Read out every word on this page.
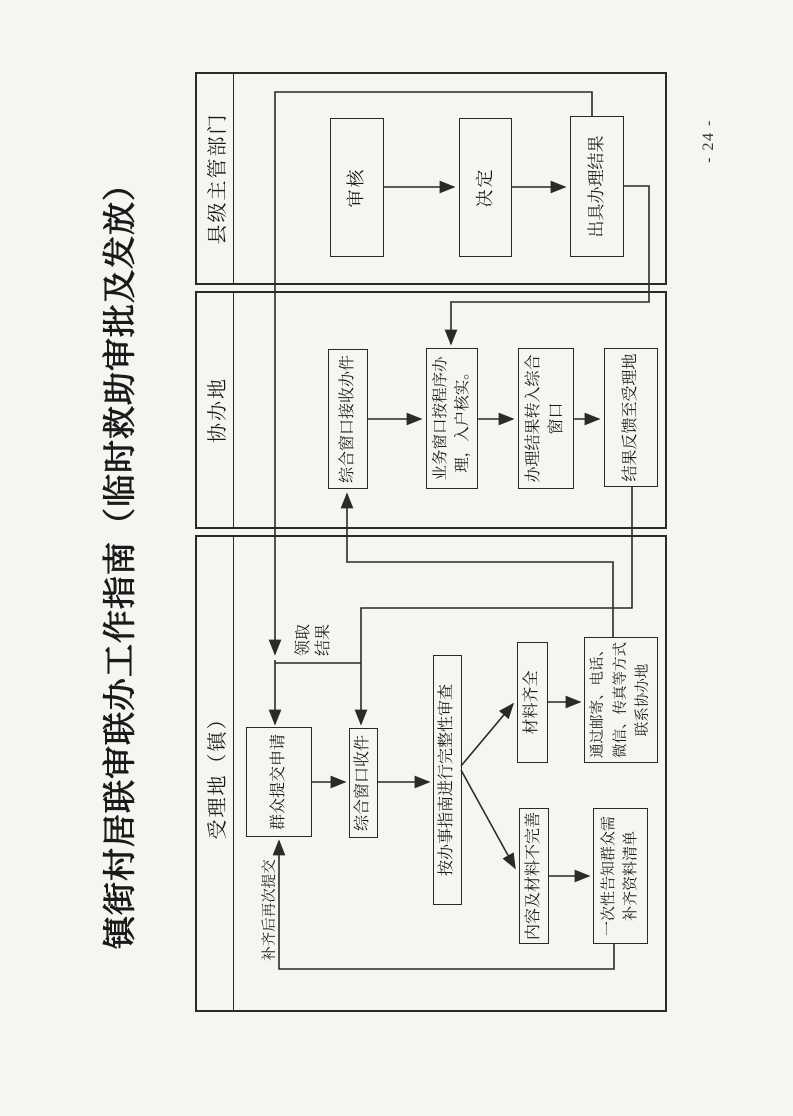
镇街村居联审联办工作指南（临时救助审批及发放）	受理地（镇）
协办地
县级主管部门
群众提交申请	综合窗口收件	按办事指南进行完整性审查	材料齐全
内容及材料不完善
通过邮寄、电话、微信、传真等方式联系协办地
一次性告知群众需补齐资料清单
综合窗口接收办件	业务窗口按程序办理，入户核实。	办理结果转入综合窗口	结果反馈至受理地
审核	决定	出具办理结果
领取结果
补齐后再次提交
- 24 -
